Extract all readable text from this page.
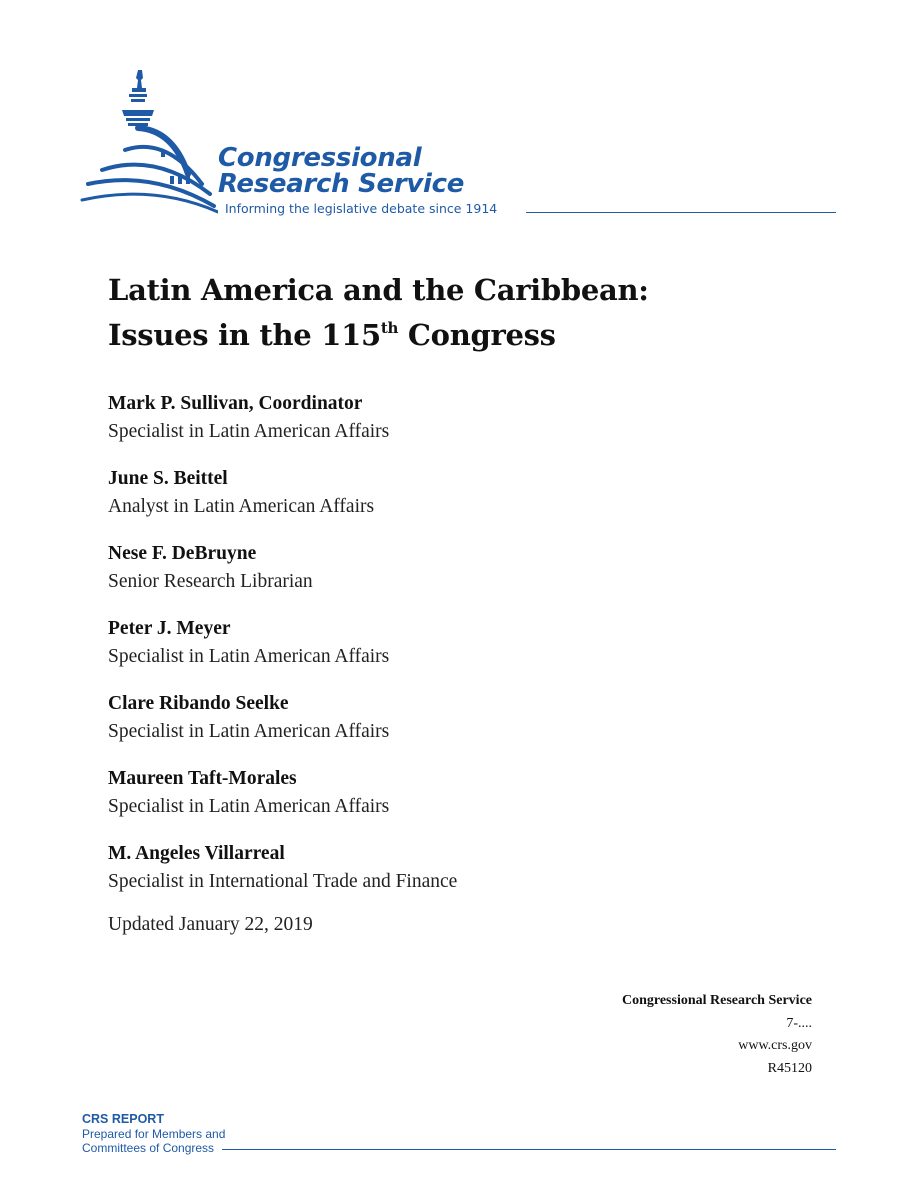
Congressional
Research Service
Informing the legislative debate since 1914
Latin America and the Caribbean:
Issues in the 115th Congress
Mark P. Sullivan, Coordinator
Specialist in Latin American Affairs
June S. Beittel
Analyst in Latin American Affairs
Nese F. DeBruyne
Senior Research Librarian
Peter J. Meyer
Specialist in Latin American Affairs
Clare Ribando Seelke
Specialist in Latin American Affairs
Maureen Taft-Morales
Specialist in Latin American Affairs
M. Angeles Villarreal
Specialist in International Trade and Finance
Updated January 22, 2019
Congressional Research Service
7-....
www.crs.gov
R45120
CRS REPORT
Prepared for Members and
Committees of Congress
